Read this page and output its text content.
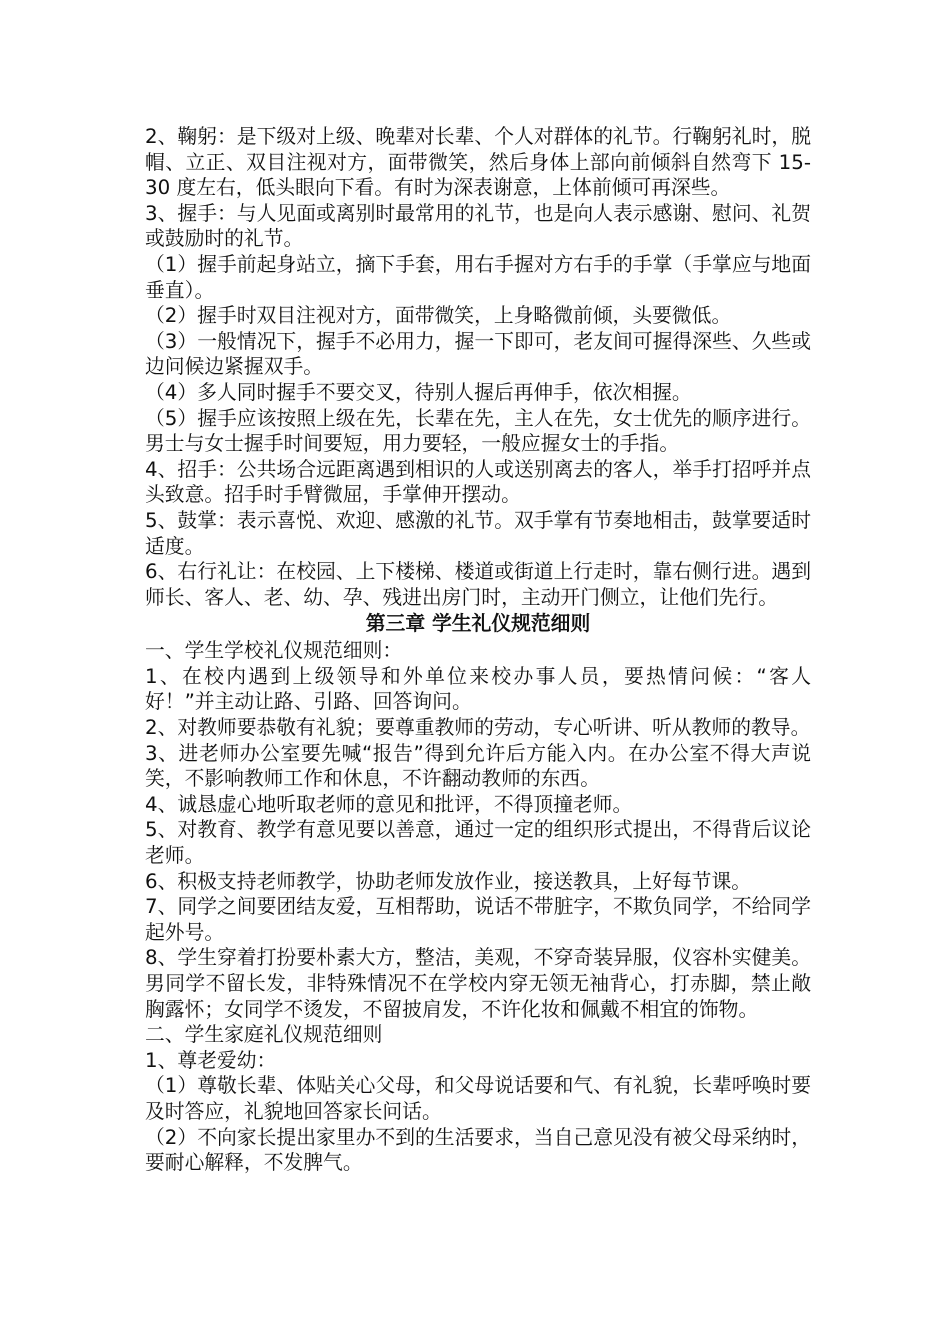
2、鞠躬：是下级对上级、晚辈对长辈、个人对群体的礼节。行鞠躬礼时，脱帽、立正、双目注视对方，面带微笑，然后身体上部向前倾斜自然弯下 15-30 度左右，低头眼向下看。有时为深表谢意，上体前倾可再深些。

3、握手：与人见面或离别时最常用的礼节，也是向人表示感谢、慰问、礼贺或鼓励时的礼节。

（1）握手前起身站立，摘下手套，用右手握对方右手的手掌（手掌应与地面垂直）。

（2）握手时双目注视对方，面带微笑，上身略微前倾，头要微低。

（3）一般情况下，握手不必用力，握一下即可，老友间可握得深些、久些或边问候边紧握双手。

（4）多人同时握手不要交叉，待别人握后再伸手，依次相握。

（5）握手应该按照上级在先，长辈在先，主人在先，女士优先的顺序进行。男士与女士握手时间要短，用力要轻，一般应握女士的手指。

4、招手：公共场合远距离遇到相识的人或送别离去的客人，举手打招呼并点头致意。招手时手臂微屈，手掌伸开摆动。

5、鼓掌：表示喜悦、欢迎、感激的礼节。双手掌有节奏地相击，鼓掌要适时适度。

6、右行礼让：在校园、上下楼梯、楼道或街道上行走时，靠右侧行进。遇到师长、客人、老、幼、孕、残进出房门时，主动开门侧立，让他们先行。

第三章 学生礼仪规范细则

一、学生学校礼仪规范细则：

1、在校内遇到上级领导和外单位来校办事人员，要热情问候：“客人好！”并主动让路、引路、回答询问。

2、对教师要恭敬有礼貌；要尊重教师的劳动，专心听讲、听从教师的教导。

3、进老师办公室要先喊“报告”得到允许后方能入内。在办公室不得大声说笑，不影响教师工作和休息，不许翻动教师的东西。

4、诚恳虚心地听取老师的意见和批评，不得顶撞老师。

5、对教育、教学有意见要以善意，通过一定的组织形式提出，不得背后议论老师。

6、积极支持老师教学，协助老师发放作业，接送教具，上好每节课。

7、同学之间要团结友爱，互相帮助，说话不带脏字，不欺负同学，不给同学起外号。

8、学生穿着打扮要朴素大方，整洁，美观，不穿奇装异服，仪容朴实健美。男同学不留长发，非特殊情况不在学校内穿无领无袖背心，打赤脚，禁止敞胸露怀；女同学不烫发，不留披肩发，不许化妆和佩戴不相宜的饰物。

二、学生家庭礼仪规范细则

1、尊老爱幼：

（1）尊敬长辈、体贴关心父母，和父母说话要和气、有礼貌，长辈呼唤时要及时答应，礼貌地回答家长问话。

（2）不向家长提出家里办不到的生活要求，当自己意见没有被父母采纳时，要耐心解释，不发脾气。
